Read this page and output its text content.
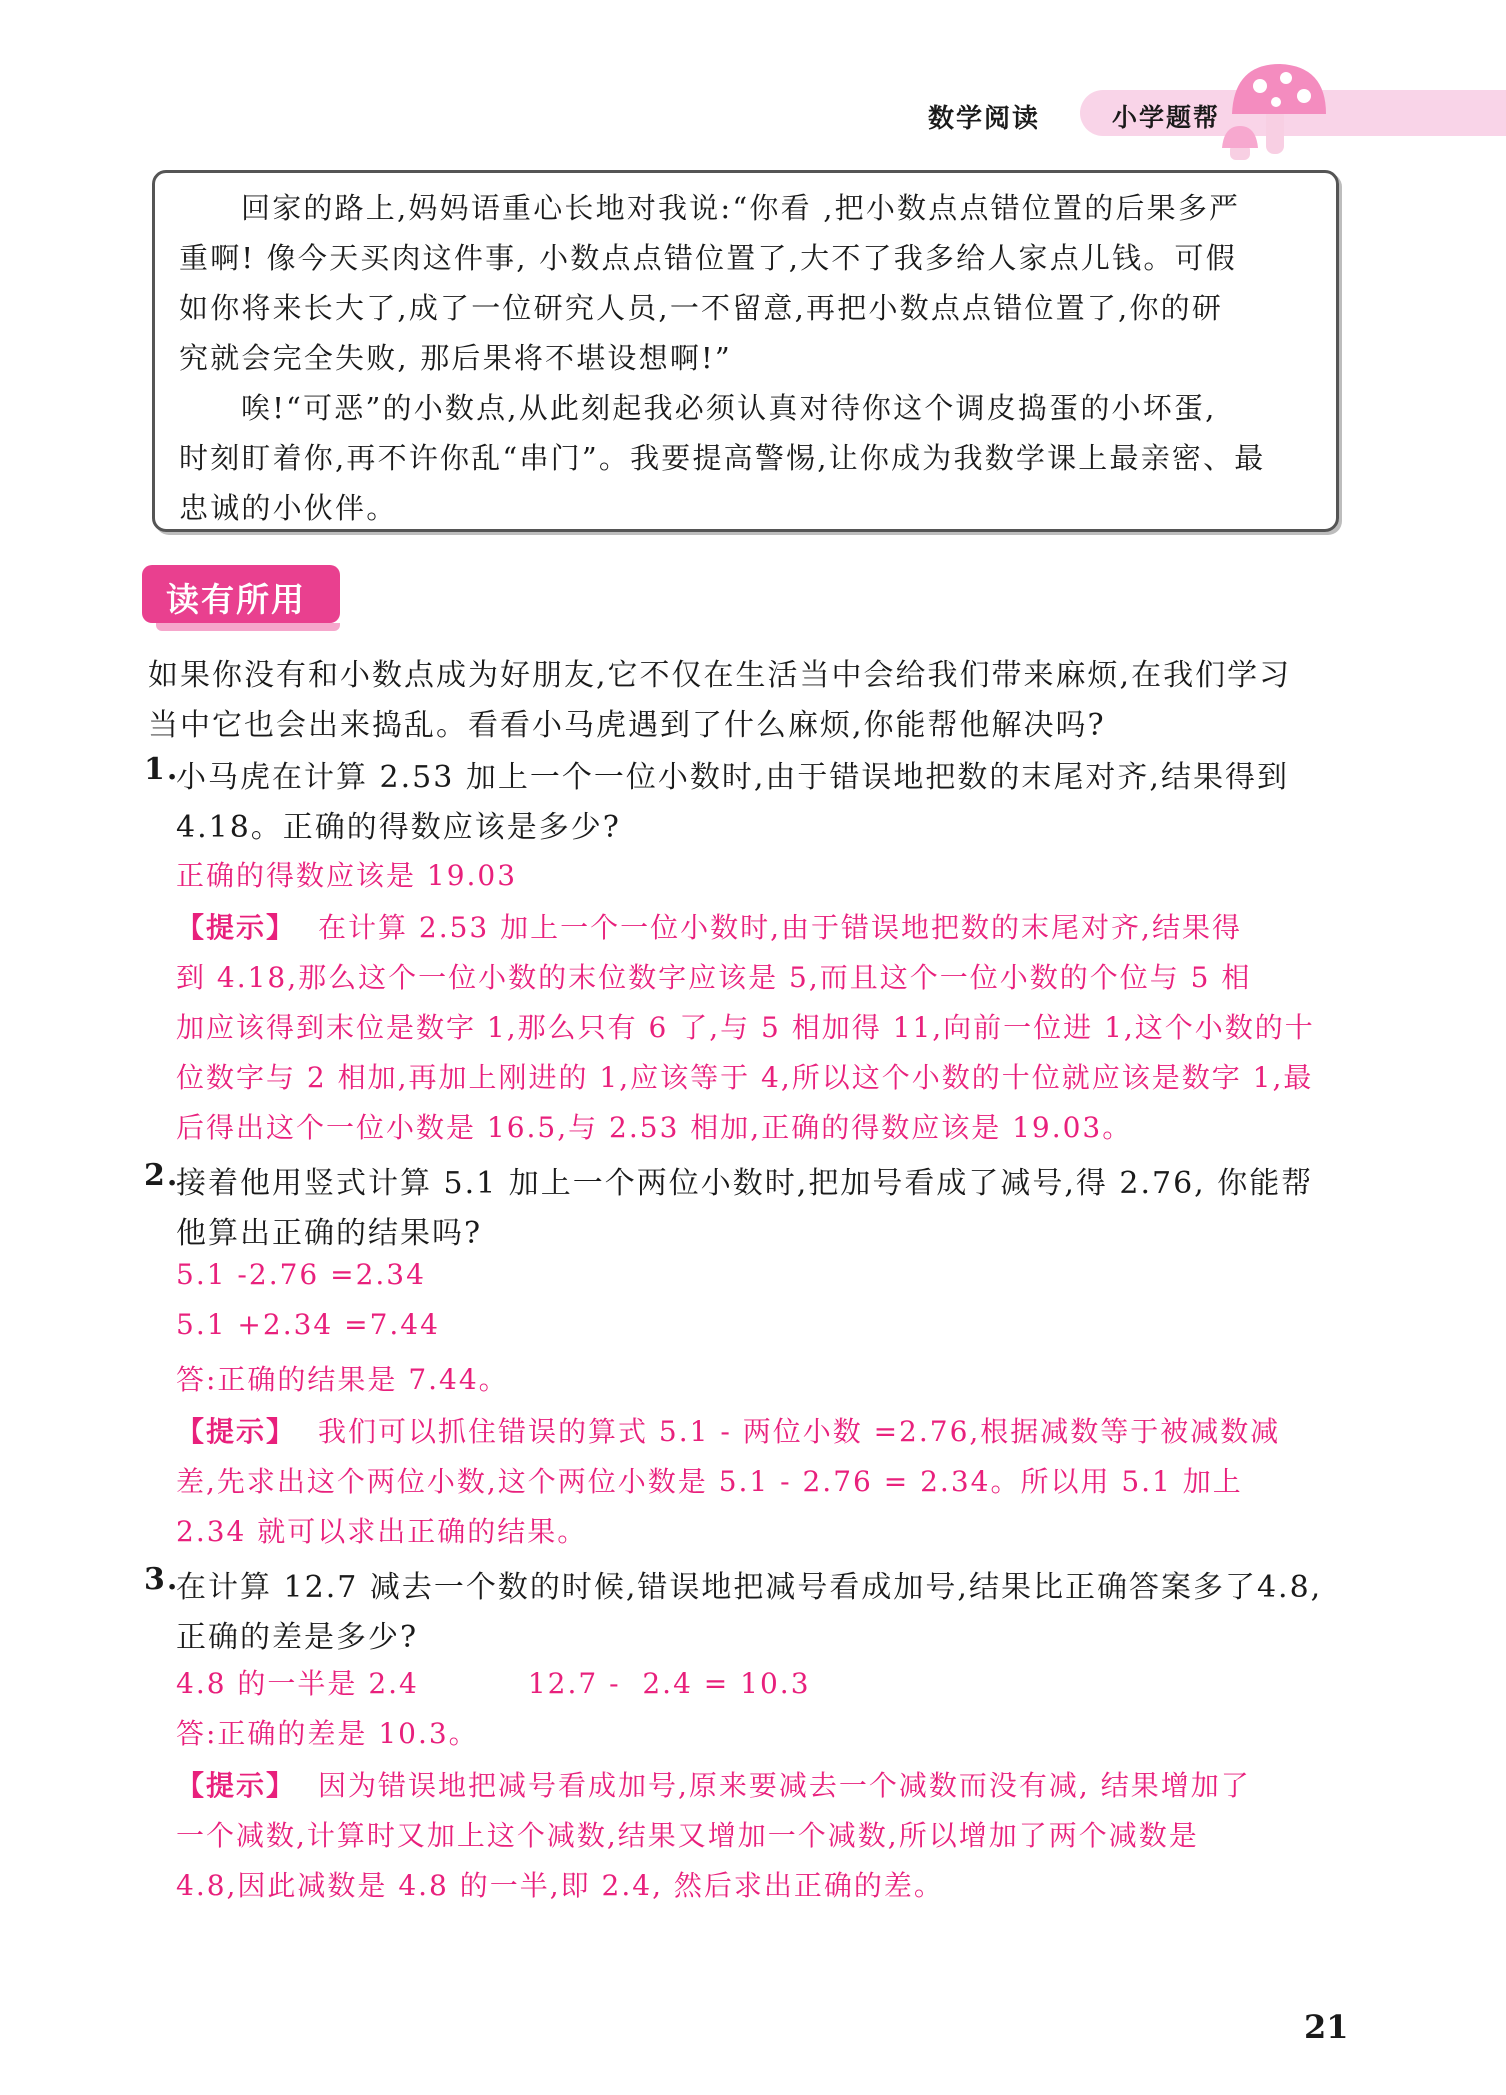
数学阅读	小学题帮

回家的路上,妈妈语重心长地对我说:“你看 ,把小数点点错位置的后果多严

重啊! 像今天买肉这件事, 小数点点错位置了,大不了我多给人家点儿钱。可假

如你将来长大了,成了一位研究人员,一不留意,再把小数点点错位置了,你的研

究就会完全失败, 那后果将不堪设想啊!”

唉!“可恶”的小数点,从此刻起我必须认真对待你这个调皮捣蛋的小坏蛋,

时刻盯着你,再不许你乱“串门”。我要提高警惕,让你成为我数学课上最亲密、最

忠诚的小伙伴。

读有所用
如果你没有和小数点成为好朋友,它不仅在生活当中会给我们带来麻烦,在我们学习
当中它也会出来捣乱。看看小马虎遇到了什么麻烦,你能帮他解决吗?
1.
小马虎在计算 2.53 加上一个一位小数时,由于错误地把数的末尾对齐,结果得到
4.18。正确的得数应该是多少?
正确的得数应该是 19.03
【提示】 在计算 2.53 加上一个一位小数时,由于错误地把数的末尾对齐,结果得
到 4.18,那么这个一位小数的末位数字应该是 5,而且这个一位小数的个位与 5 相
加应该得到末位是数字 1,那么只有 6 了,与 5 相加得 11,向前一位进 1,这个小数的十
位数字与 2 相加,再加上刚进的 1,应该等于 4,所以这个小数的十位就应该是数字 1,最
后得出这个一位小数是 16.5,与 2.53 相加,正确的得数应该是 19.03。
2.
接着他用竖式计算 5.1 加上一个两位小数时,把加号看成了减号,得 2.76, 你能帮
他算出正确的结果吗?
5.1 -2.76 =2.34
5.1 +2.34 =7.44
答:正确的结果是 7.44。
【提示】 我们可以抓住错误的算式 5.1 - 两位小数 =2.76,根据减数等于被减数减
差,先求出这个两位小数,这个两位小数是 5.1 - 2.76 = 2.34。所以用 5.1 加上
2.34 就可以求出正确的结果。
3.
在计算 12.7 减去一个数的时候,错误地把减号看成加号,结果比正确答案多了4.8,
正确的差是多少?
4.8 的一半是 2.4          12.7 -  2.4 = 10.3
答:正确的差是 10.3。
【提示】 因为错误地把减号看成加号,原来要减去一个减数而没有减, 结果增加了
一个减数,计算时又加上这个减数,结果又增加一个减数,所以增加了两个减数是
4.8,因此减数是 4.8 的一半,即 2.4, 然后求出正确的差。
21
